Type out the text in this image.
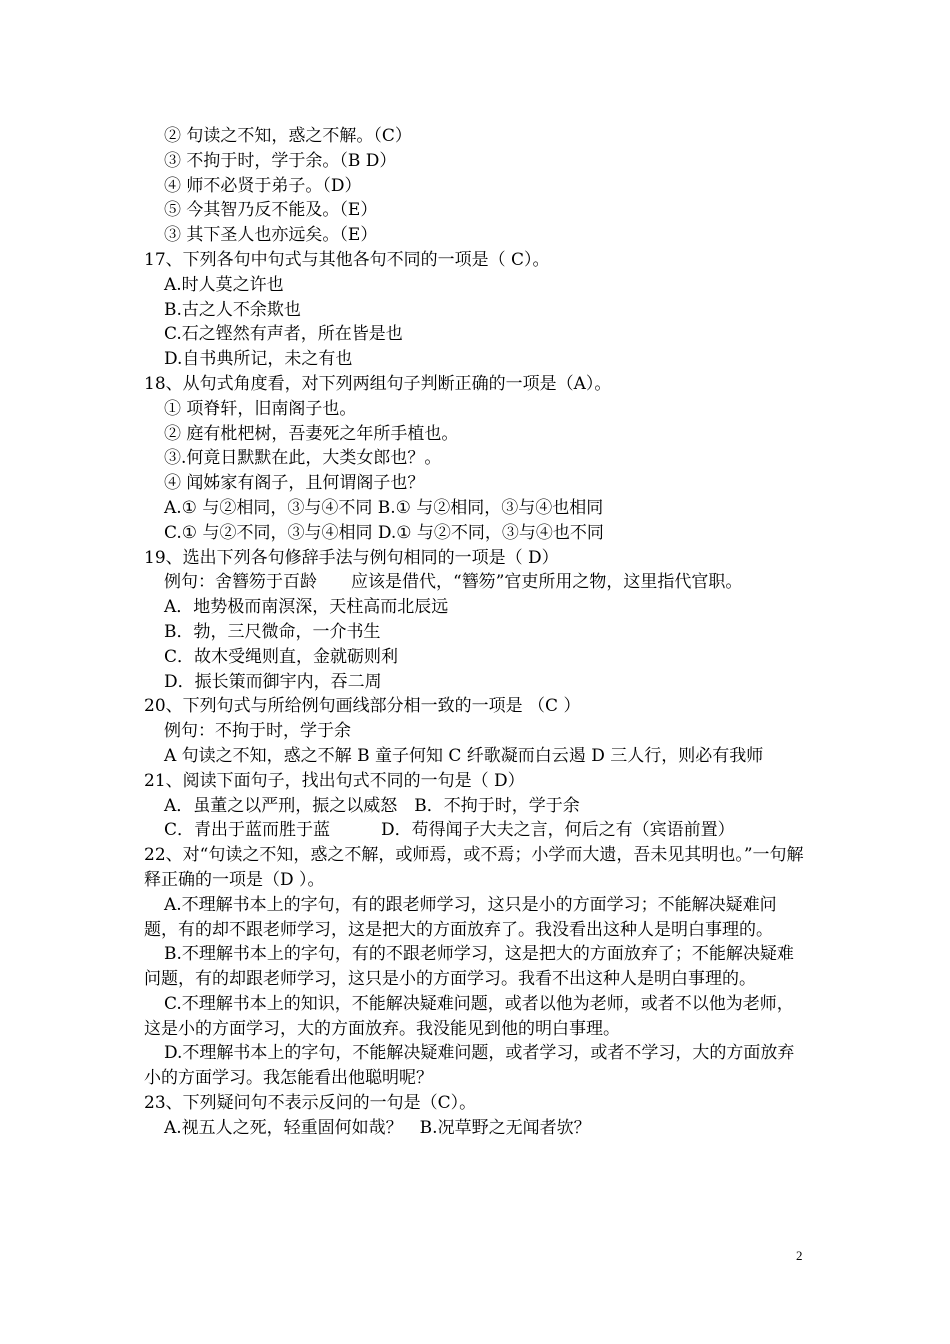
② 句读之不知，惑之不解。（C）
③ 不拘于时，学于余。（B D）
④ 师不必贤于弟子。（D）
⑤ 今其智乃反不能及。（E）
③ 其下圣人也亦远矣。（E）
17、下列各句中句式与其他各句不同的一项是（ C）。
A.时人莫之许也
B.古之人不余欺也
C.石之铿然有声者，所在皆是也
D.自书典所记，未之有也
18、从句式角度看，对下列两组句子判断正确的一项是（A）。
① 项脊轩，旧南阁子也。
② 庭有枇杷树，吾妻死之年所手植也。
③.何竟日默默在此，大类女郎也？。
④ 闻姊家有阁子，且何谓阁子也？
A.① 与②相同，③与④不同 B.① 与②相同，③与④也相同
C.① 与②不同，③与④相同 D.① 与②不同，③与④也不同
19、选出下列各句修辞手法与例句相同的一项是（ D）
例句：舍簪笏于百龄　　应该是借代，“簪笏”官吏所用之物，这里指代官职。
A．地势极而南溟深，天柱高而北辰远
B．勃，三尺微命，一介书生
C．故木受绳则直，金就砺则利
D．振长策而御宇内，吞二周
20、下列句式与所给例句画线部分相一致的一项是 （C ）
例句：不拘于时，学于余
A 句读之不知，惑之不解 B 童子何知 C 纤歌凝而白云遏 D 三人行，则必有我师
21、阅读下面句子，找出句式不同的一句是（ D）
A．虽董之以严刑，振之以威怒　B．不拘于时，学于余
C．青出于蓝而胜于蓝　　　D．苟得闻子大夫之言，何后之有（宾语前置）
22、对“句读之不知，惑之不解，或师焉，或不焉；小学而大遗，吾未见其明也。”一句解释正确的一项是（D ）。
A.不理解书本上的字句，有的跟老师学习，这只是小的方面学习；不能解决疑难问题，有的却不跟老师学习，这是把大的方面放弃了。我没看出这种人是明白事理的。
B.不理解书本上的字句，有的不跟老师学习，这是把大的方面放弃了；不能解决疑难问题，有的却跟老师学习，这只是小的方面学习。我看不出这种人是明白事理的。
C.不理解书本上的知识，不能解决疑难问题，或者以他为老师，或者不以他为老师，这是小的方面学习，大的方面放弃。我没能见到他的明白事理。
D.不理解书本上的字句，不能解决疑难问题，或者学习，或者不学习，大的方面放弃小的方面学习。我怎能看出他聪明呢？
23、下列疑问句不表示反问的一句是（C）。
A.视五人之死，轻重固何如哉？　B.况草野之无闻者欤？
2
